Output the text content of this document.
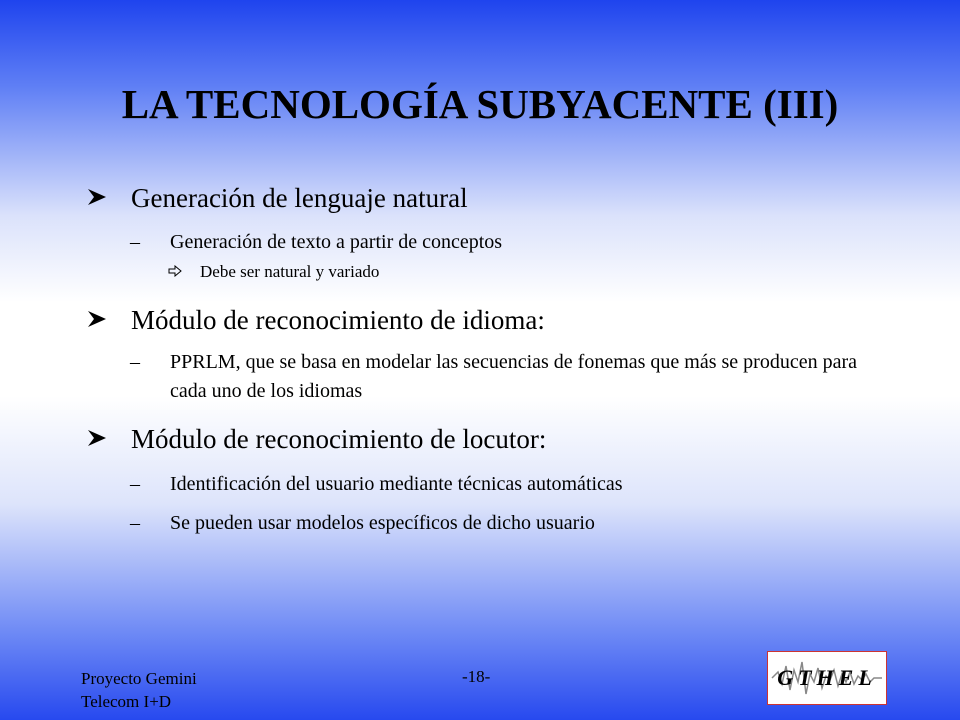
LA TECNOLOGÍA SUBYACENTE (III)
Generación de lenguaje natural
– Generación de texto a partir de conceptos
Debe ser natural y variado
Módulo de reconocimiento de idioma:
– PPRLM, que se basa en modelar las secuencias de fonemas que más se producen para cada uno de los idiomas
Módulo de reconocimiento de locutor:
– Identificación del usuario mediante técnicas automáticas
– Se pueden usar modelos específicos de dicho usuario
Proyecto Gemini
Telecom I+D
-18-	GTHEL
